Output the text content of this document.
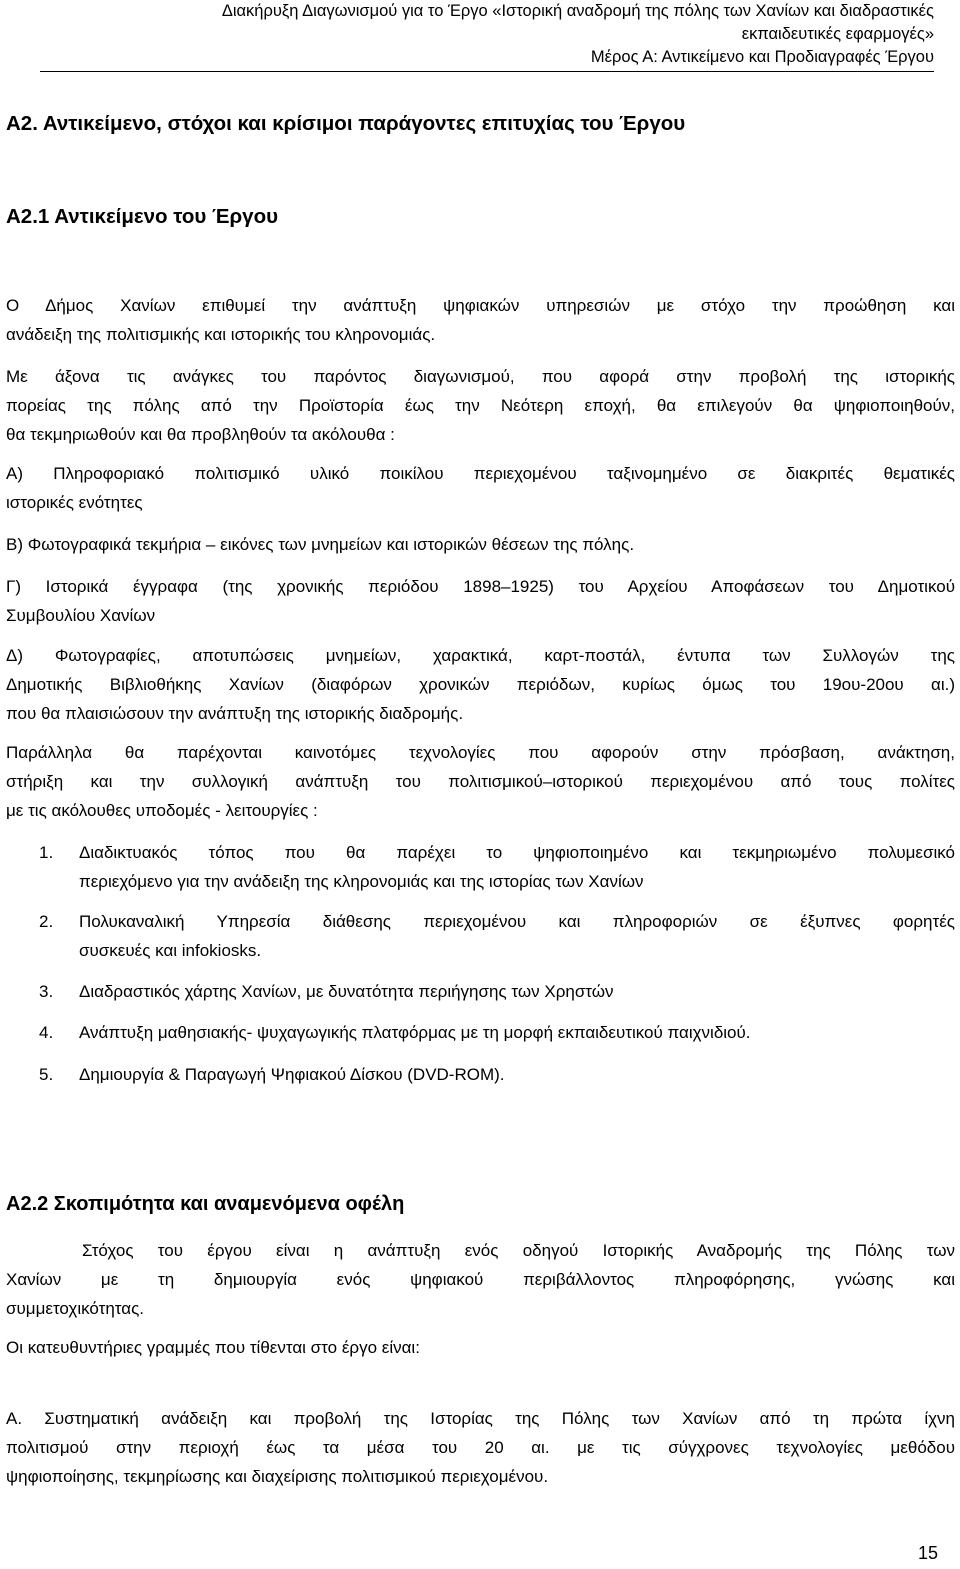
Διακήρυξη Διαγωνισμού για το Έργο «Ιστορική αναδρομή της πόλης των Χανίων και διαδραστικές
εκπαιδευτικές εφαρμογές»
Μέρος Α: Αντικείμενο και Προδιαγραφές Έργου
Α2. Αντικείμενο, στόχοι και κρίσιμοι παράγοντες επιτυχίας του Έργου
Α2.1 Αντικείμενο του Έργου
Ο Δήμος Χανίων επιθυμεί την ανάπτυξη ψηφιακών υπηρεσιών με στόχο την προώθηση και
ανάδειξη της πολιτισμικής και ιστορικής του κληρονομιάς.
Με άξονα τις ανάγκες του παρόντος διαγωνισμού, που αφορά στην προβολή της ιστορικής
πορείας της πόλης από την Προϊστορία έως την Νεότερη εποχή, θα επιλεγούν θα ψηφιοποιηθούν,
θα τεκμηριωθούν και θα προβληθούν τα ακόλουθα :
Α) Πληροφοριακό πολιτισμικό υλικό ποικίλου περιεχομένου ταξινομημένο σε διακριτές θεματικές
ιστορικές ενότητες
Β) Φωτογραφικά τεκμήρια – εικόνες των μνημείων και ιστορικών θέσεων της πόλης.
Γ) Ιστορικά έγγραφα (της χρονικής περιόδου 1898–1925) του Αρχείου Αποφάσεων του Δημοτικού
Συμβουλίου Χανίων
Δ) Φωτογραφίες, αποτυπώσεις μνημείων, χαρακτικά, καρτ-ποστάλ, έντυπα των Συλλογών της
Δημοτικής Βιβλιοθήκης Χανίων (διαφόρων χρονικών περιόδων, κυρίως όμως του 19ου-20ου αι.)
που θα πλαισιώσουν την ανάπτυξη της ιστορικής διαδρομής.
Παράλληλα θα παρέχονται καινοτόμες τεχνολογίες που αφορούν στην πρόσβαση, ανάκτηση,
στήριξη και την συλλογική ανάπτυξη του πολιτισμικού–ιστορικού περιεχομένου από τους πολίτες
με τις ακόλουθες υποδομές - λειτουργίες :
1. Διαδικτυακός τόπος που θα παρέχει το ψηφιοποιημένο και τεκμηριωμένο πολυμεσικό
περιεχόμενο για την ανάδειξη της κληρονομιάς και της ιστορίας των Χανίων
2. Πολυκαναλική Υπηρεσία διάθεσης περιεχομένου και πληροφοριών σε έξυπνες φορητές
συσκευές και infokiosks.
3. Διαδραστικός χάρτης Χανίων, με δυνατότητα περιήγησης των Χρηστών
4. Ανάπτυξη μαθησιακής- ψυχαγωγικής πλατφόρμας με τη μορφή εκπαιδευτικού παιχνιδιού.
5. Δημιουργία & Παραγωγή Ψηφιακού Δίσκου (DVD-ROM).
Α2.2 Σκοπιμότητα και αναμενόμενα οφέλη
Στόχος του έργου είναι η ανάπτυξη ενός οδηγού Ιστορικής Αναδρομής της Πόλης των
Χανίων με τη δημιουργία ενός ψηφιακού περιβάλλοντος πληροφόρησης, γνώσης και
συμμετοχικότητας.
Οι κατευθυντήριες γραμμές που τίθενται στο έργο είναι:
Α. Συστηματική ανάδειξη και προβολή της Ιστορίας της Πόλης των Χανίων από τη πρώτα ίχνη
πολιτισμού στην περιοχή έως τα μέσα του 20 αι. με τις σύγχρονες τεχνολογίες μεθόδου
ψηφιοποίησης, τεκμηρίωσης και διαχείρισης πολιτισμικού περιεχομένου.
15
